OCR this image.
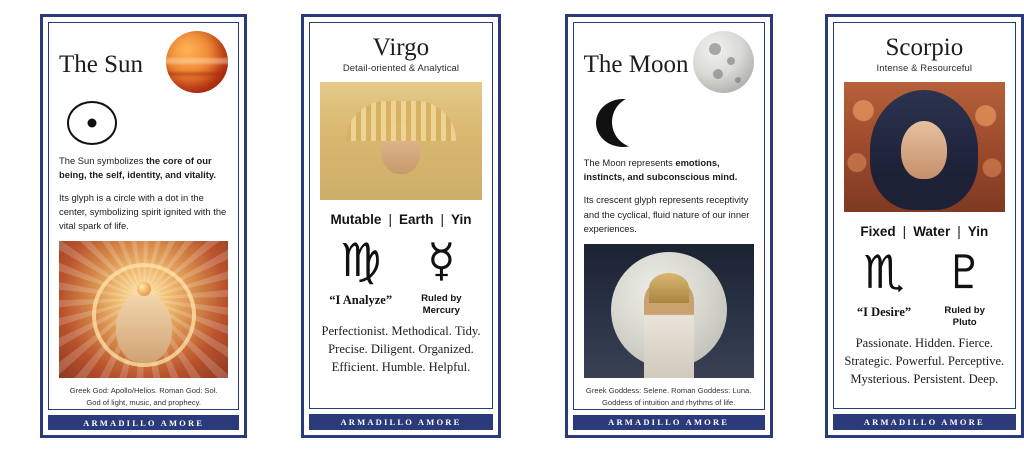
The Sun
The Sun symbolizes the core of our being, the self, identity, and vitality.
Its glyph is a circle with a dot in the center, symbolizing spirit ignited with the vital spark of life.
Greek God: Apollo/Helios. Roman God: Sol.
God of light, music, and prophecy.
ARMADILLO AMORE
Virgo
Detail-oriented & Analytical
Mutable | Earth | Yin
♍
“I Analyze”
☿
Ruled by
Mercury
Perfectionist. Methodical. Tidy.
Precise. Diligent. Organized.
Efficient. Humble. Helpful.
ARMADILLO AMORE
The Moon
The Moon represents emotions, instincts, and subconscious mind.
Its crescent glyph represents receptivity and the cyclical, fluid nature of our inner experiences.
Greek Goddess: Selene. Roman Goddess: Luna.
Goddess of intuition and rhythms of life.
ARMADILLO AMORE
Scorpio
Intense & Resourceful
Fixed | Water | Yin
♏
“I Desire”
♇
Ruled by
Pluto
Passionate. Hidden. Fierce.
Strategic. Powerful. Perceptive.
Mysterious. Persistent. Deep.
ARMADILLO AMORE
